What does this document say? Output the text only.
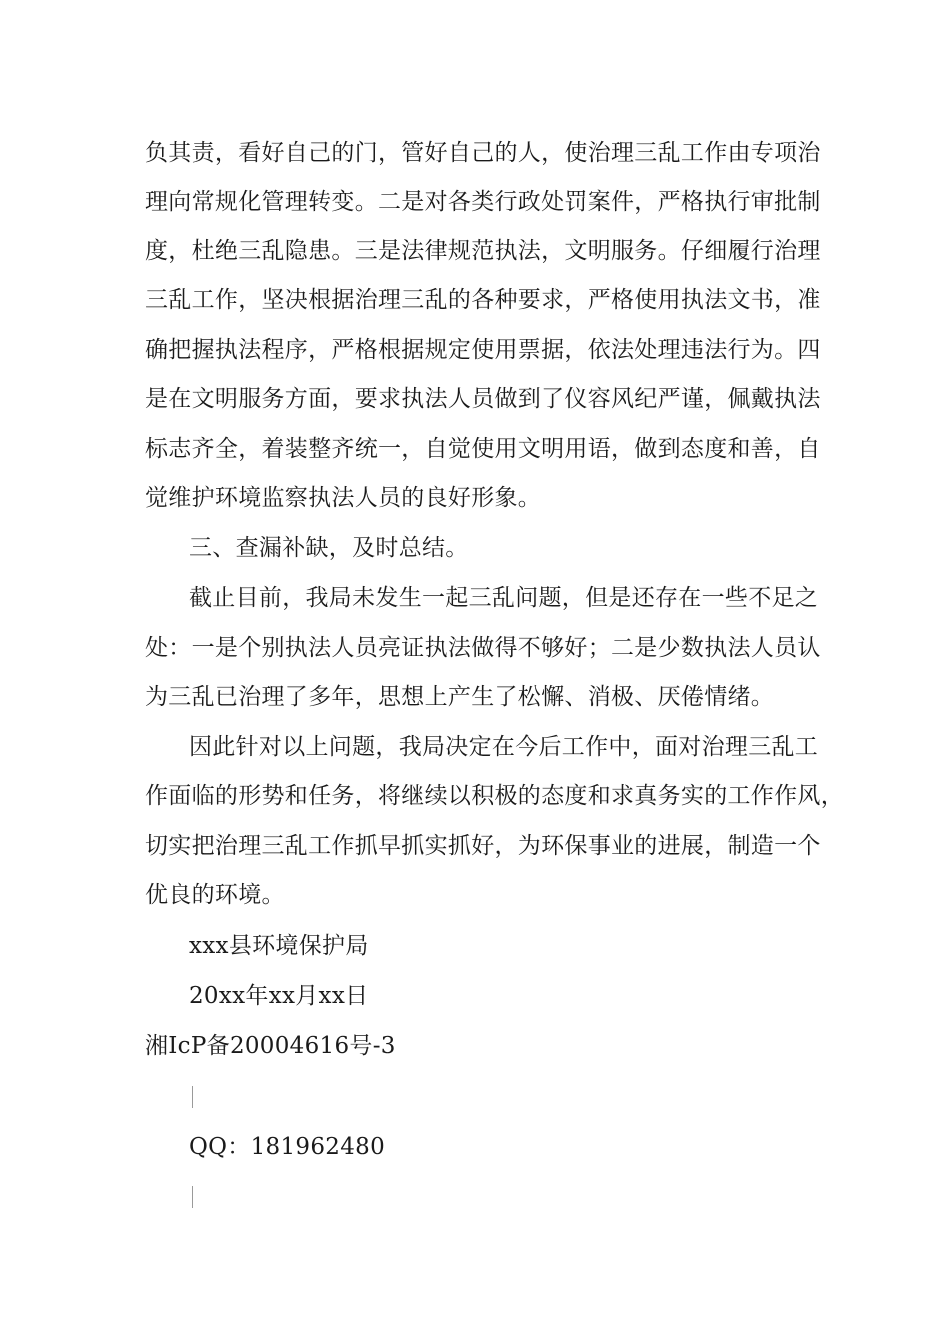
负其责，看好自己的门，管好自己的人，使治理三乱工作由专项治
理向常规化管理转变。二是对各类行政处罚案件，严格执行审批制
度，杜绝三乱隐患。三是法律规范执法，文明服务。仔细履行治理
三乱工作，坚决根据治理三乱的各种要求，严格使用执法文书，准
确把握执法程序，严格根据规定使用票据，依法处理违法行为。四
是在文明服务方面，要求执法人员做到了仪容风纪严谨，佩戴执法
标志齐全，着装整齐统一，自觉使用文明用语，做到态度和善，自
觉维护环境监察执法人员的良好形象。
三、查漏补缺，及时总结。
截止目前，我局未发生一起三乱问题，但是还存在一些不足之
处：一是个别执法人员亮证执法做得不够好；二是少数执法人员认
为三乱已治理了多年，思想上产生了松懈、消极、厌倦情绪。
因此针对以上问题，我局决定在今后工作中，面对治理三乱工
作面临的形势和任务，将继续以积极的态度和求真务实的工作作风，
切实把治理三乱工作抓早抓实抓好，为环保事业的进展，制造一个
优良的环境。
xxx县环境保护局
20xx年xx月xx日
湘IcP备20004616号-3
QQ：181962480
